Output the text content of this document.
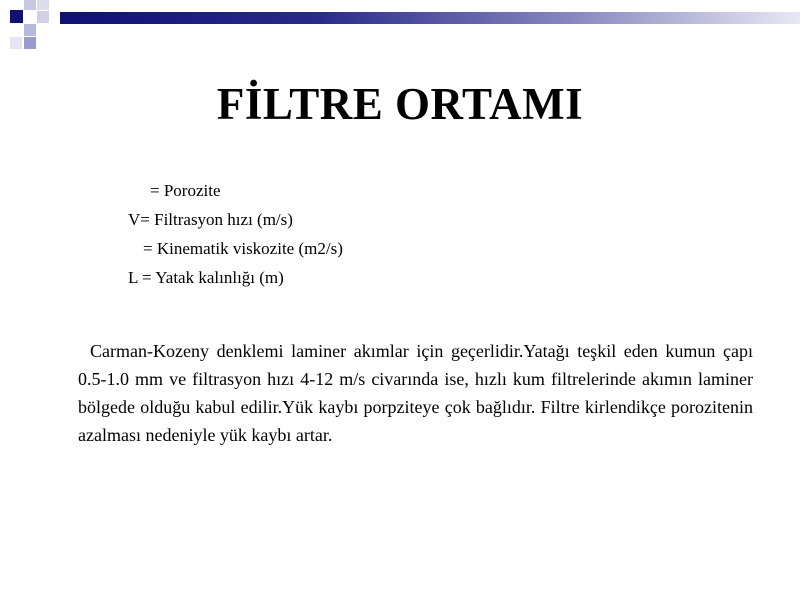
FİLTRE ORTAMI
= Porozite
V= Filtrasyon hızı (m/s)
= Kinematik viskozite (m2/s)
L = Yatak kalınlığı (m)
Carman-Kozeny denklemi laminer akımlar için geçerlidir.Yatağı teşkil eden kumun çapı 0.5-1.0 mm ve filtrasyon hızı 4-12 m/s civarında ise, hızlı kum filtrelerinde akımın laminer bölgede olduğu kabul edilir.Yük kaybı porpziteye çok bağlıdır. Filtre kirlendikçe porozitenin azalması nedeniyle yük kaybı artar.
